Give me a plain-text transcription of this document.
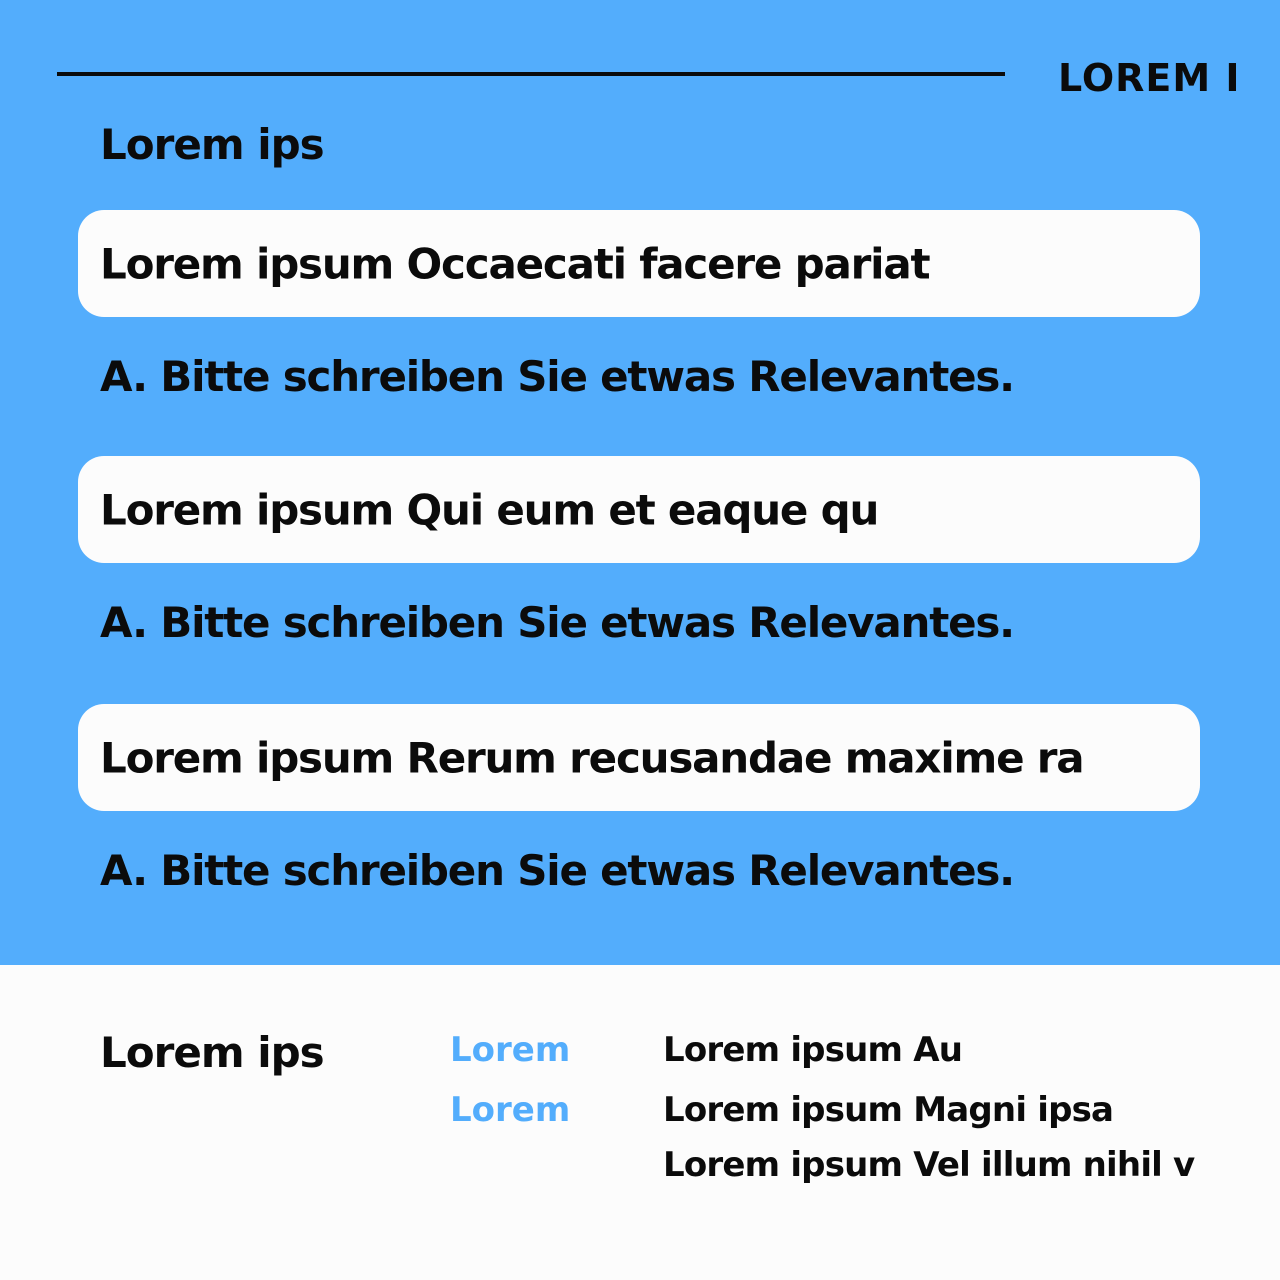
LOREM I
Lorem ips
Lorem ipsum Occaecati facere pariat
A. Bitte schreiben Sie etwas Relevantes.
Lorem ipsum Qui eum et eaque qu
A. Bitte schreiben Sie etwas Relevantes.
Lorem ipsum Rerum recusandae maxime ra
A. Bitte schreiben Sie etwas Relevantes.
Lorem ips	Lorem
Lorem
Lorem ipsum Au
Lorem ipsum Magni ipsa
Lorem ipsum Vel illum nihil v
